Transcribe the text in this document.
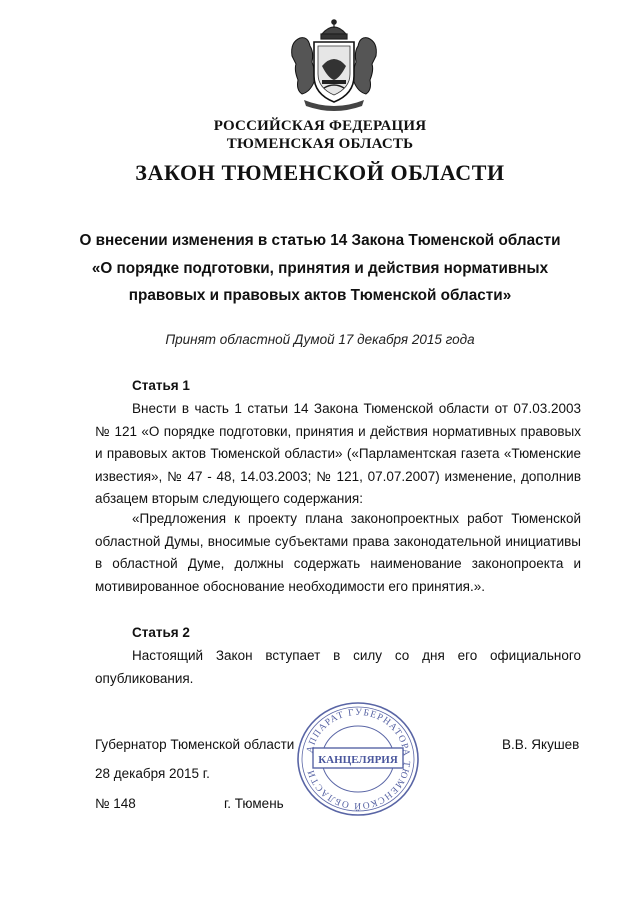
РОССИЙСКАЯ ФЕДЕРАЦИЯ
ТЮМЕНСКАЯ ОБЛАСТЬ
ЗАКОН ТЮМЕНСКОЙ ОБЛАСТИ
О внесении изменения в статью 14 Закона Тюменской области
«О порядке подготовки, принятия и действия нормативных
правовых и правовых актов Тюменской области»
Принят областной Думой 17 декабря 2015 года
Статья 1
Внести в часть 1 статьи 14 Закона Тюменской области от 07.03.2003 № 121 «О порядке подготовки, принятия и действия нормативных правовых и правовых актов Тюменской области» («Парламентская газета «Тюменские известия», № 47 - 48, 14.03.2003; № 121, 07.07.2007) изменение, дополнив абзацем вторым следующего содержания:
«Предложения к проекту плана законопроектных работ Тюменской областной Думы, вносимые субъектами права законодательной инициативы в областной Думе, должны содержать наименование законопроекта и мотивированное обоснование необходимости его принятия.».
Статья 2
Настоящий Закон вступает в силу со дня его официального опубликования.
Губернатор Тюменской области	В.В. Якушев
28 декабря 2015 г.
№ 148	г. Тюмень
АППАРАТ ГУБЕРНАТОРА ТЮМЕНСКОЙ ОБЛАСТИ
КАНЦЕЛЯРИЯ
